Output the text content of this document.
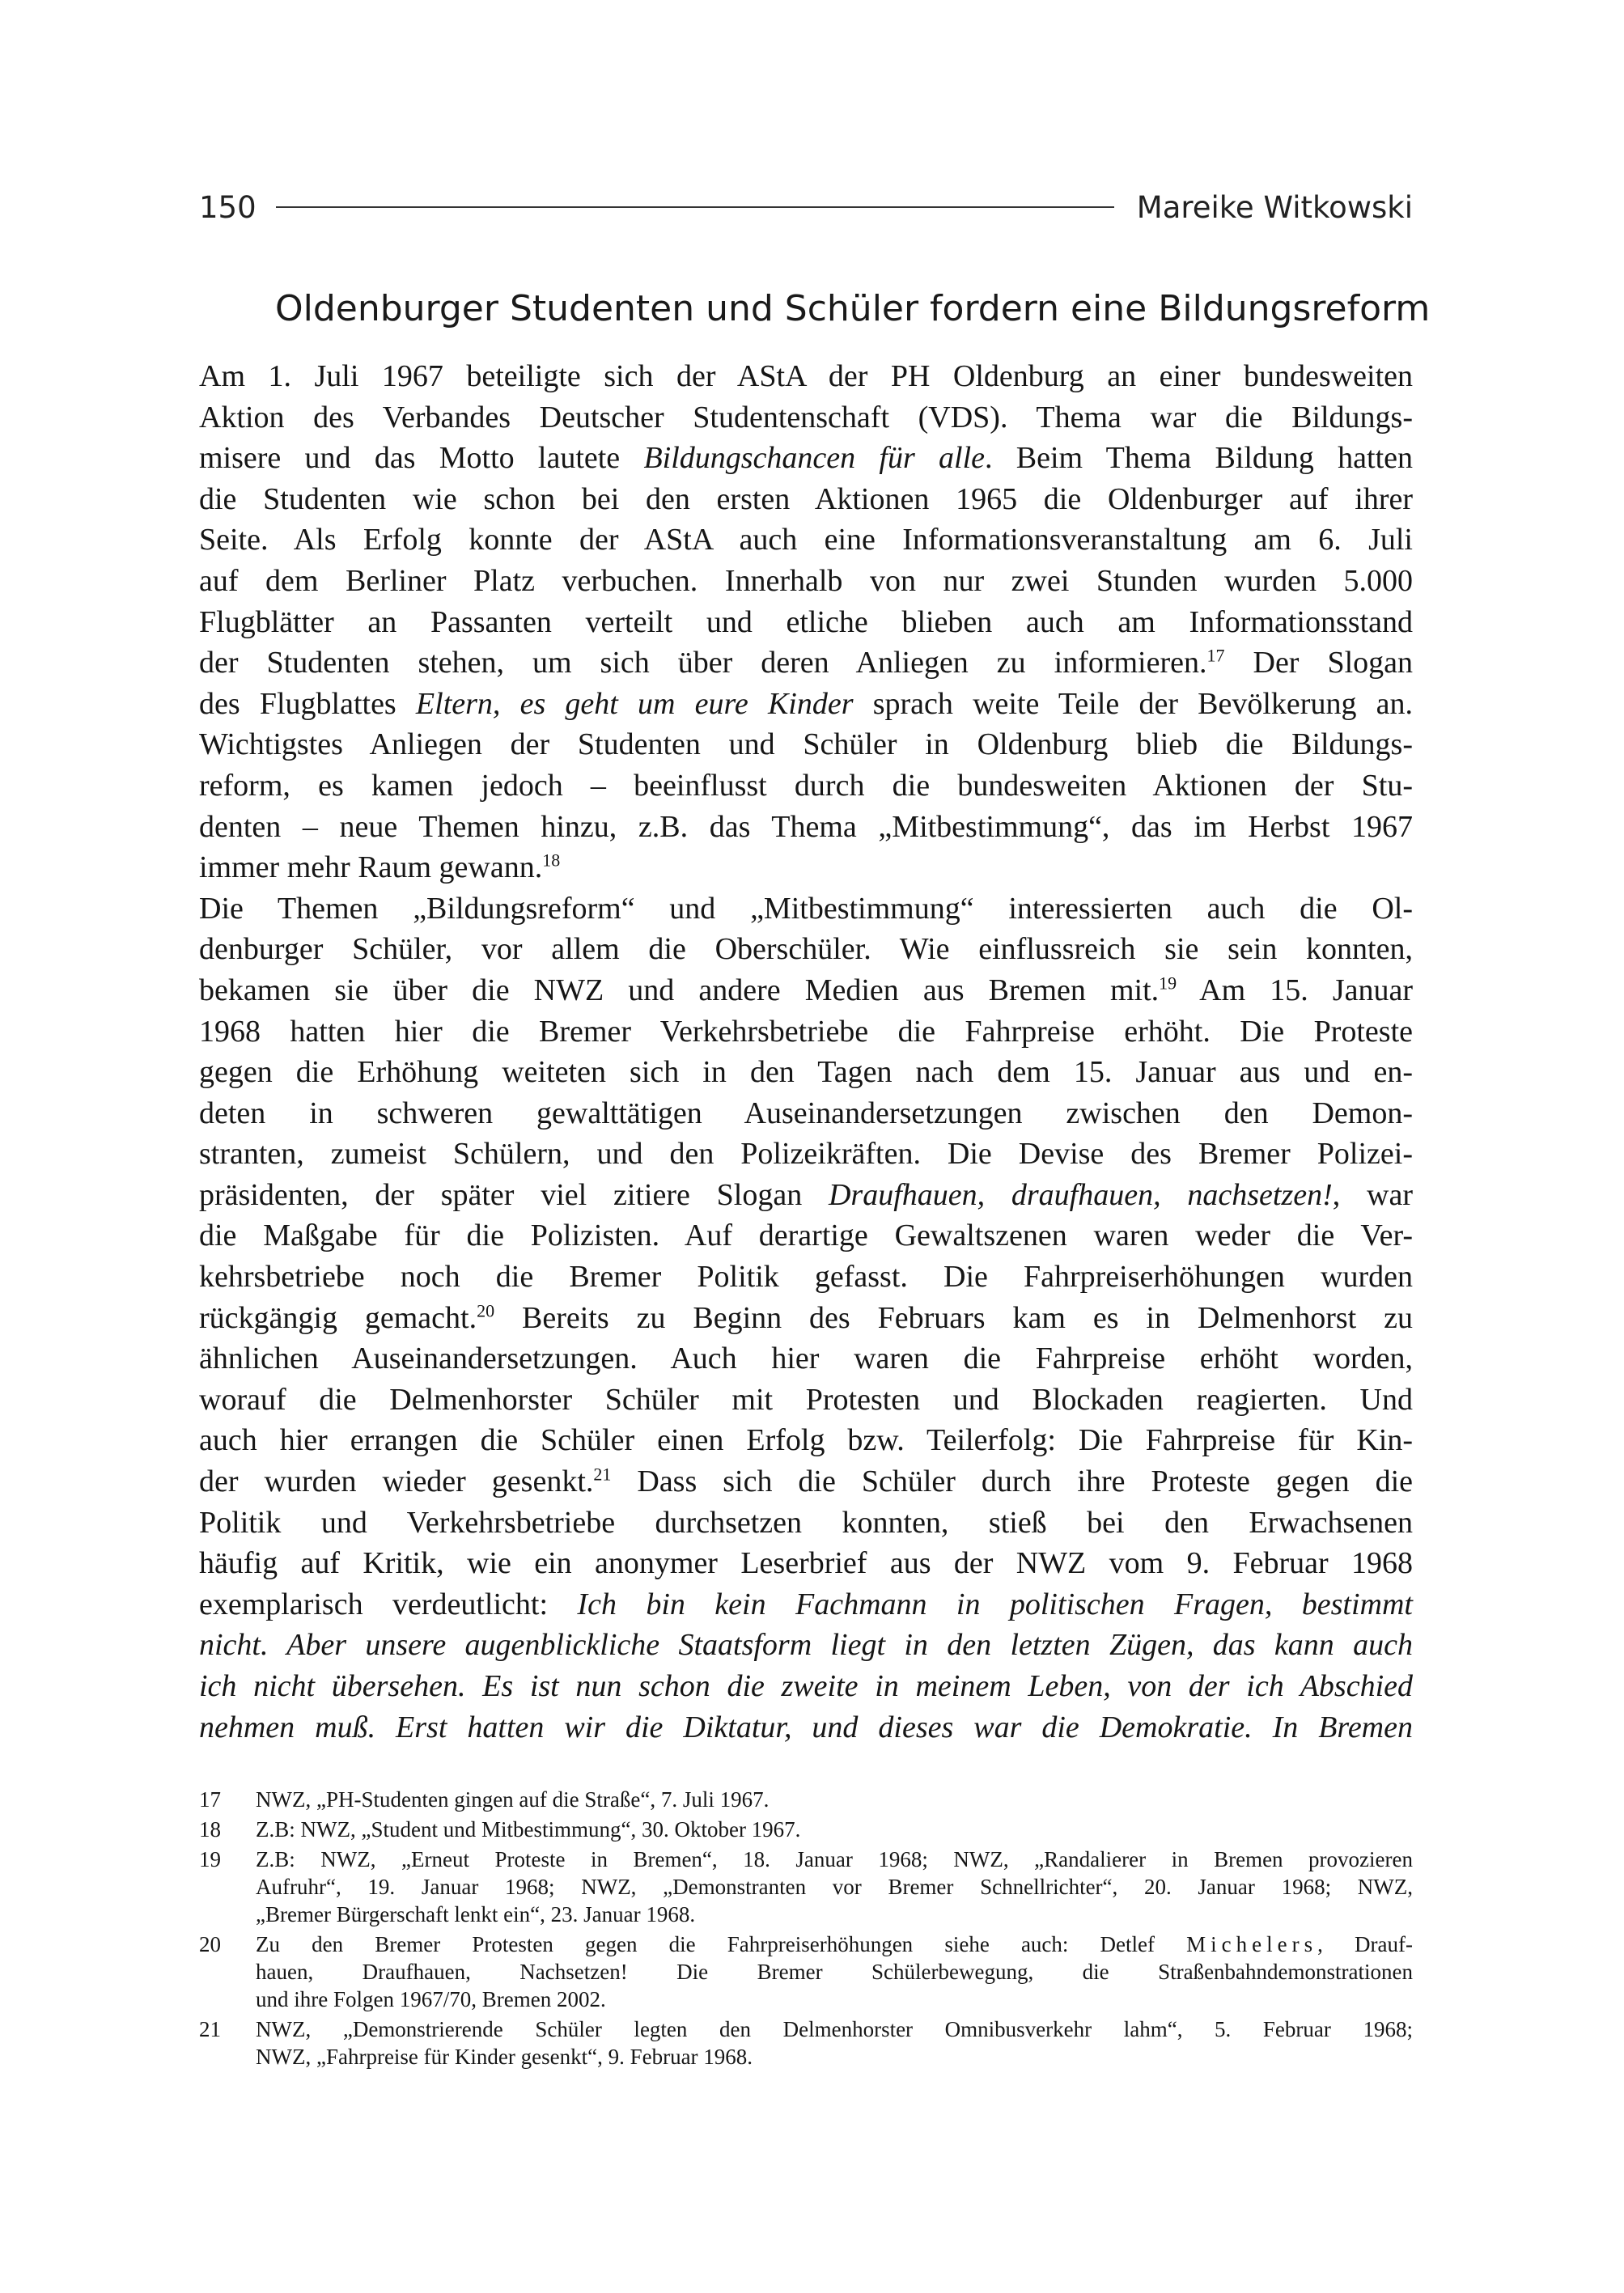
150	Mareike Witkowski
Oldenburger Studenten und Schüler fordern eine Bildungsreform
Am 1. Juli 1967 beteiligte sich der AStA der PH Oldenburg an einer bundesweiten
Aktion des Verbandes Deutscher Studentenschaft (VDS). Thema war die Bildungs-
misere und das Motto lautete Bildungschancen für alle. Beim Thema Bildung hatten
die Studenten wie schon bei den ersten Aktionen 1965 die Oldenburger auf ihrer
Seite. Als Erfolg konnte der AStA auch eine Informationsveranstaltung am 6. Juli
auf dem Berliner Platz verbuchen. Innerhalb von nur zwei Stunden wurden 5.000
Flugblätter an Passanten verteilt und etliche blieben auch am Informationsstand
der Studenten stehen, um sich über deren Anliegen zu informieren.$^{17}$ Der Slogan
des Flugblattes Eltern, es geht um eure Kinder sprach weite Teile der Bevölkerung an.
Wichtigstes Anliegen der Studenten und Schüler in Oldenburg blieb die Bildungs-
reform, es kamen jedoch – beeinflusst durch die bundesweiten Aktionen der Stu-
denten – neue Themen hinzu, z.B. das Thema „Mitbestimmung“, das im Herbst 1967
immer mehr Raum gewann.$^{18}$
Die Themen „Bildungsreform“ und „Mitbestimmung“ interessierten auch die Ol-
denburger Schüler, vor allem die Oberschüler. Wie einflussreich sie sein konnten,
bekamen sie über die NWZ und andere Medien aus Bremen mit.$^{19}$ Am 15. Januar
1968 hatten hier die Bremer Verkehrsbetriebe die Fahrpreise erhöht. Die Proteste
gegen die Erhöhung weiteten sich in den Tagen nach dem 15. Januar aus und en-
deten in schweren gewalttätigen Auseinandersetzungen zwischen den Demon-
stranten, zumeist Schülern, und den Polizeikräften. Die Devise des Bremer Polizei-
präsidenten, der später viel zitiere Slogan Draufhauen, draufhauen, nachsetzen!, war
die Maßgabe für die Polizisten. Auf derartige Gewaltszenen waren weder die Ver-
kehrsbetriebe noch die Bremer Politik gefasst. Die Fahrpreiserhöhungen wurden
rückgängig gemacht.$^{20}$ Bereits zu Beginn des Februars kam es in Delmenhorst zu
ähnlichen Auseinandersetzungen. Auch hier waren die Fahrpreise erhöht worden,
worauf die Delmenhorster Schüler mit Protesten und Blockaden reagierten. Und
auch hier errangen die Schüler einen Erfolg bzw. Teilerfolg: Die Fahrpreise für Kin-
der wurden wieder gesenkt.$^{21}$ Dass sich die Schüler durch ihre Proteste gegen die
Politik und Verkehrsbetriebe durchsetzen konnten, stieß bei den Erwachsenen
häufig auf Kritik, wie ein anonymer Leserbrief aus der NWZ vom 9. Februar 1968
exemplarisch verdeutlicht: Ich bin kein Fachmann in politischen Fragen, bestimmt
nicht. Aber unsere augenblickliche Staatsform liegt in den letzten Zügen, das kann auch
ich nicht übersehen. Es ist nun schon die zweite in meinem Leben, von der ich Abschied
nehmen muß. Erst hatten wir die Diktatur, und dieses war die Demokratie. In Bremen
17	NWZ, „PH-Studenten gingen auf die Straße“, 7. Juli 1967.
18	Z.B: NWZ, „Student und Mitbestimmung“, 30. Oktober 1967.
19	Z.B: NWZ, „Erneut Proteste in Bremen“, 18. Januar 1968; NWZ, „Randalierer in Bremen provozieren
Aufruhr“, 19. Januar 1968; NWZ, „Demonstranten vor Bremer Schnellrichter“, 20. Januar 1968; NWZ,
„Bremer Bürgerschaft lenkt ein“, 23. Januar 1968.
20	Zu den Bremer Protesten gegen die Fahrpreiserhöhungen siehe auch: Detlef Michelers, Drauf-
hauen, Draufhauen, Nachsetzen! Die Bremer Schülerbewegung, die Straßenbahndemonstrationen
und ihre Folgen 1967/70, Bremen 2002.
21	NWZ, „Demonstrierende Schüler legten den Delmenhorster Omnibusverkehr lahm“, 5. Februar 1968;
NWZ, „Fahrpreise für Kinder gesenkt“, 9. Februar 1968.
